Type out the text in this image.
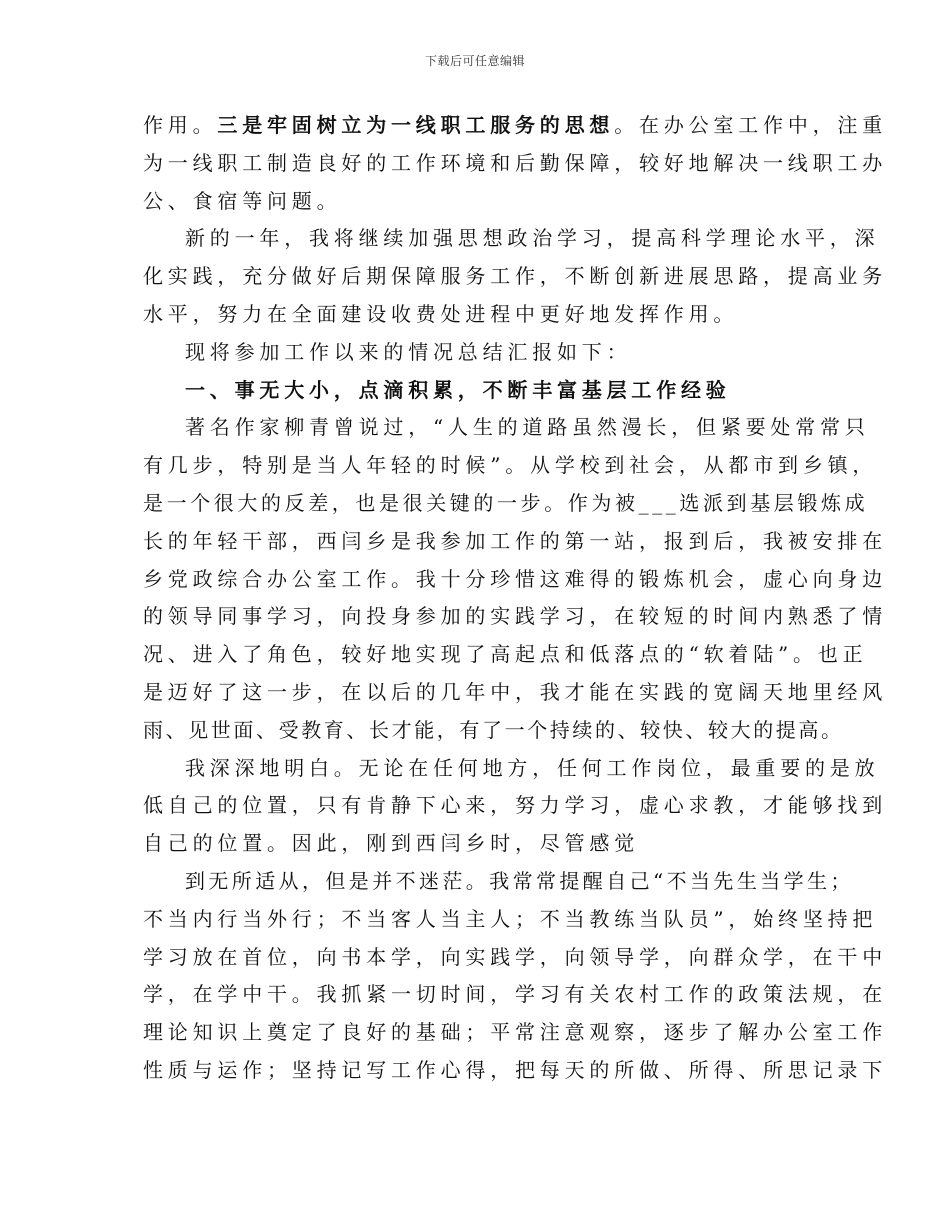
下载后可任意编辑
作用。三是牢固树立为一线职工服务的思想。在办公室工作中，注重
为一线职工制造良好的工作环境和后勤保障，较好地解决一线职工办
公、食宿等问题。
新的一年，我将继续加强思想政治学习，提高科学理论水平，深
化实践，充分做好后期保障服务工作，不断创新进展思路，提高业务
水平，努力在全面建设收费处进程中更好地发挥作用。
现将参加工作以来的情况总结汇报如下：
一、事无大小，点滴积累，不断丰富基层工作经验
著名作家柳青曾说过，“人生的道路虽然漫长，但紧要处常常只
有几步，特别是当人年轻的时候”。从学校到社会，从都市到乡镇，
是一个很大的反差，也是很关键的一步。作为被___选派到基层锻炼成
长的年轻干部，西闫乡是我参加工作的第一站，报到后，我被安排在
乡党政综合办公室工作。我十分珍惜这难得的锻炼机会，虚心向身边
的领导同事学习，向投身参加的实践学习，在较短的时间内熟悉了情
况、进入了角色，较好地实现了高起点和低落点的“软着陆”。也正
是迈好了这一步，在以后的几年中，我才能在实践的宽阔天地里经风
雨、见世面、受教育、长才能，有了一个持续的、较快、较大的提高。
我深深地明白。无论在任何地方，任何工作岗位，最重要的是放
低自己的位置，只有肯静下心来，努力学习，虚心求教，才能够找到
自己的位置。因此，刚到西闫乡时，尽管感觉
到无所适从，但是并不迷茫。我常常提醒自己“不当先生当学生；
不当内行当外行；不当客人当主人；不当教练当队员”，始终坚持把
学习放在首位，向书本学，向实践学，向领导学，向群众学，在干中
学，在学中干。我抓紧一切时间，学习有关农村工作的政策法规，在
理论知识上奠定了良好的基础；平常注意观察，逐步了解办公室工作
性质与运作；坚持记写工作心得，把每天的所做、所得、所思记录下
